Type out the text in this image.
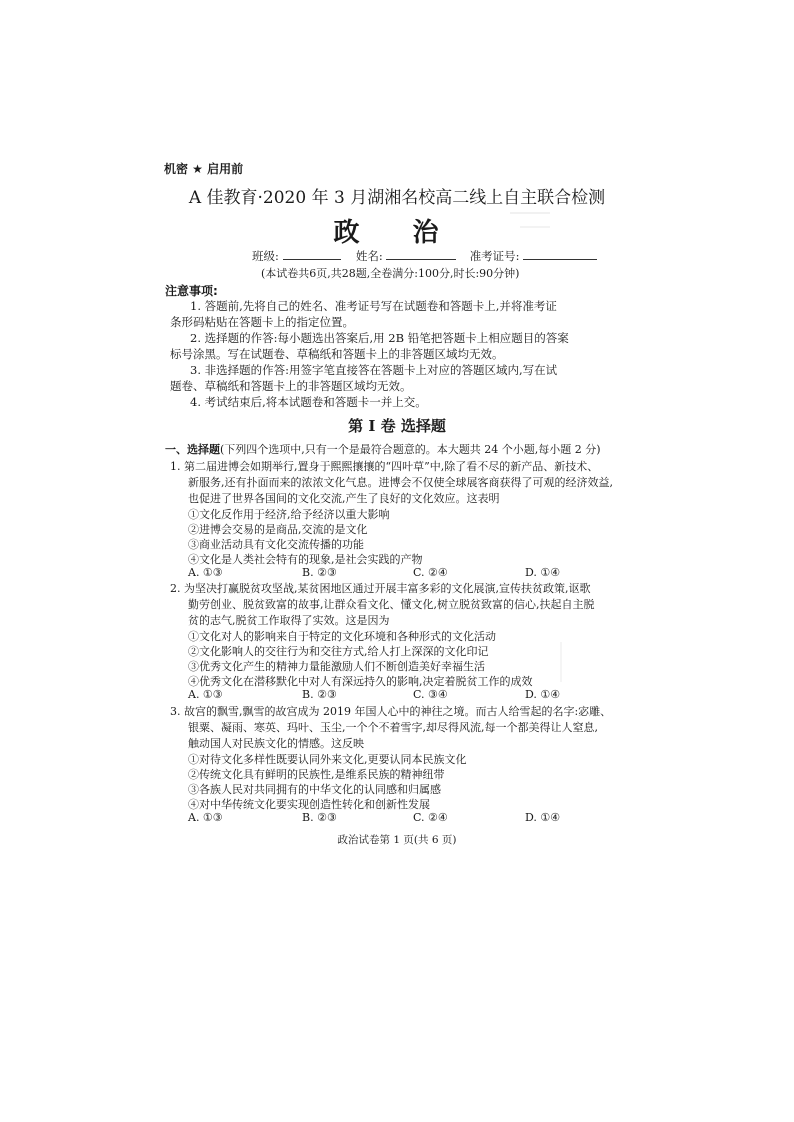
机密 ★ 启用前
A 佳教育·2020 年 3 月湖湘名校高二线上自主联合检测
政 治
班级:	姓名:	准考证号:
(本试卷共6页,共28题,全卷满分:100分,时长:90分钟)
注意事项:
1. 答题前,先将自己的姓名、准考证号写在试题卷和答题卡上,并将准考证
条形码粘贴在答题卡上的指定位置。
2. 选择题的作答:每小题选出答案后,用 2B 铅笔把答题卡上相应题目的答案
标号涂黑。写在试题卷、草稿纸和答题卡上的非答题区域均无效。
3. 非选择题的作答:用签字笔直接答在答题卡上对应的答题区域内,写在试
题卷、草稿纸和答题卡上的非答题区域均无效。
4. 考试结束后,将本试题卷和答题卡一并上交。
第 I 卷 选择题
一、选择题(下列四个选项中,只有一个是最符合题意的。本大题共 24 个小题,每小题 2 分)
1. 第二届进博会如期举行,置身于熙熙攘攘的“四叶草”中,除了看不尽的新产品、新技术、
新服务,还有扑面而来的浓浓文化气息。进博会不仅使全球展客商获得了可观的经济效益,
也促进了世界各国间的文化交流,产生了良好的文化效应。这表明
①文化反作用于经济,给予经济以重大影响
②进博会交易的是商品,交流的是文化
③商业活动具有文化交流传播的功能
④文化是人类社会特有的现象,是社会实践的产物
A. ①③	B. ②③	C. ②④	D. ①④
2. 为坚决打赢脱贫攻坚战,某贫困地区通过开展丰富多彩的文化展演,宣传扶贫政策,讴歌
勤劳创业、脱贫致富的故事,让群众看文化、懂文化,树立脱贫致富的信心,扶起自主脱
贫的志气,脱贫工作取得了实效。这是因为
①文化对人的影响来自于特定的文化环境和各种形式的文化活动
②文化影响人的交往行为和交往方式,给人打上深深的文化印记
③优秀文化产生的精神力量能激励人们不断创造美好幸福生活
④优秀文化在潜移默化中对人有深远持久的影响,决定着脱贫工作的成效
A. ①③	B. ②③	C. ③④	D. ①④
3. 故宫的飘雪,飘雪的故宫成为 2019 年国人心中的神往之境。而古人给雪起的名字:宓雕、
银粟、凝雨、寒英、玛叶、玉尘,一个个不着雪字,却尽得风流,每一个都美得让人窒息,
触动国人对民族文化的情感。这反映
①对待文化多样性既要认同外来文化,更要认同本民族文化
②传统文化具有鲜明的民族性,是维系民族的精神纽带
③各族人民对共同拥有的中华文化的认同感和归属感
④对中华传统文化要实现创造性转化和创新性发展
A. ①③	B. ②③	C. ②④	D. ①④
政治试卷第 1 页(共 6 页)
